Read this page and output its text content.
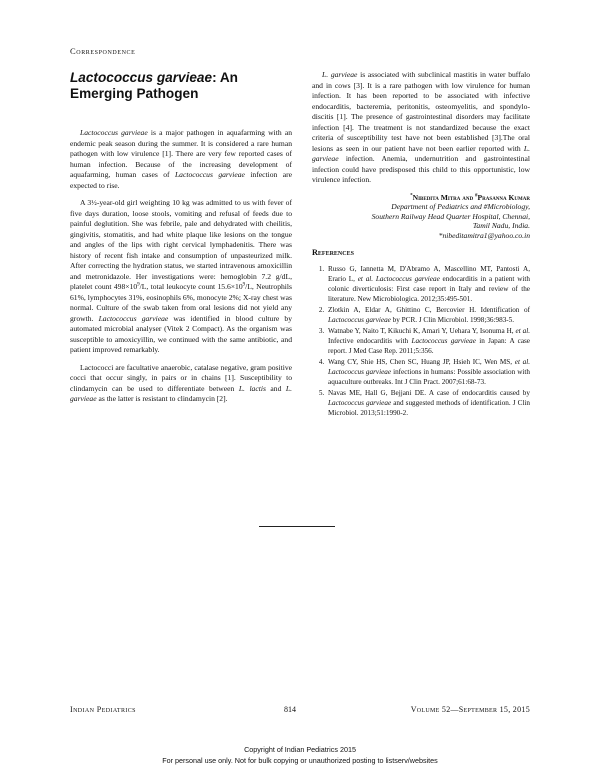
Correspondence
Lactococcus garvieae: An Emerging Pathogen

Lactococcus garvieae is a major pathogen in aquafarming with an endemic peak season during the summer. It is considered a rare human pathogen with low virulence [1]. There are very few reported cases of human infection. Because of the increasing development of aquafarming, human cases of Lactococcus garvieae infection are expected to rise.

A 3½-year-old girl weighting 10 kg was admitted to us with fever of five days duration, loose stools, vomiting and refusal of feeds due to painful deglutition. She was febrile, pale and dehydrated with cheilitis, gingivitis, stomatitis, and had white plaque like lesions on the tongue and angles of the lips with right cervical lymphadenitis. There was history of recent fish intake and consumption of unpasteurized milk. After correcting the hydration status, we started intravenous amoxicillin and metronidazole. Her investigations were: hemoglobin 7.2 g/dL, platelet count $498\times 10^9/L$, total leukocyte count $15.6\times 10^9/L$, Neutrophils 61%, lymphocytes 31%, eosinophils 6%, monocyte 2%; X-ray chest was normal. Culture of the swab taken from oral lesions did not yield any growth. Lactococcus garvieae was identified in blood culture by automated microbial analyser (Vitek 2 Compact). As the organism was susceptible to amoxicyillin, we continued with the same antibiotic, and patient improved remarkably.

Lactococci are facultative anaerobic, catalase negative, gram positive cocci that occur singly, in pairs or in chains [1]. Susceptibility to clindamycin can be used to differentiate between L. lactis and L. garvieae as the latter is resistant to clindamycin [2].

L. garvieae is associated with subclinical mastitis in water buffalo and in cows [3]. It is a rare pathogen with low virulence for human infection. It has been reported to be associated with infective endocarditis, bacteremia, peritonitis, osteomyelitis, and spondylo-discitis [1]. The presence of gastrointestinal disorders may facilitate infection [4]. The treatment is not standardized because the exact criteria of susceptibility test have not been established [3].The oral lesions as seen in our patient have not been earlier reported with L. garvieae infection. Anemia, undernutrition and gastrointestinal infection could have predisposed this child to this opportunistic, low virulence infection.

*Nibedita Mitra and #Prasanna Kumar
Department of Pediatrics and #Microbiology,
Southern Railway Head Quarter Hospital, Chennai,
Tamil Nadu, India.
*nibeditamitra1@yahoo.co.in
References
1. Russo G, Iannetta M, D'Abramo A, Mascellino MT, Pantosti A, Erario L, et al. Lactococcus garvieae endocarditis in a patient with colonic diverticulosis: First case report in Italy and review of the literature. New Microbiologica. 2012;35:495-501.
2. Zlotkin A, Eldar A, Ghittino C, Bercovier H. Identification of Lactococcus garvieae by PCR. J Clin Microbiol. 1998;36:983-5.
3. Watnabe Y, Naito T, Kikuchi K, Amari Y, Uehara Y, Isonuma H, et al. Infective endocarditis with Lactococcus garvieae in Japan: A case report. J Med Case Rep. 2011;5:356.
4. Wang CY, Shie HS, Chen SC, Huang JP, Hsieh IC, Wen MS, et al. Lactococcus garvieae infections in humans: Possible association with aquaculture outbreaks. Int J Clin Pract. 2007;61:68-73.
5. Navas ME, Hall G, Bejjani DE. A case of endocarditis caused by Lactococcus garvieae and suggested methods of identification. J Clin Microbiol. 2013;51:1990-2.
Indian Pediatrics	814	Volume 52—September 15, 2015
Copyright of Indian Pediatrics 2015
For personal use only. Not for bulk copying or unauthorized posting to listserv/websites
